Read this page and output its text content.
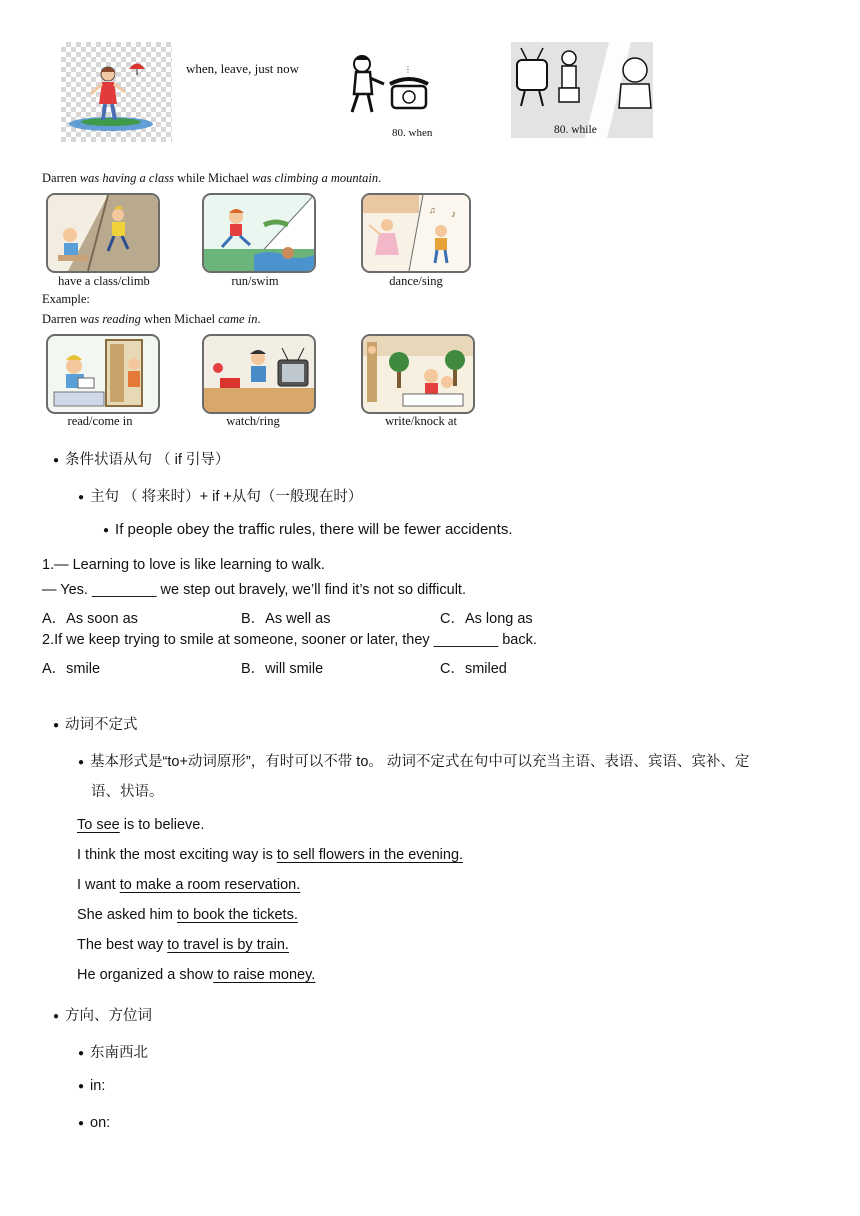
when, leave, just now	⋮
80. when	80. while
Darren was having a class while Michael was climbing a mountain.
have a class/climb	run/swim
♪
♫
dance/sing
Example:
Darren was reading when Michael came in.
read/come in	watch/ring	write/knock at
● 条件状语从句 （ if 引导）
● 主句 （ 将来时）+ if +从句（一般现在时）
● If people obey the traffic rules, there will be fewer accidents.
1.— Learning to love is like learning to walk.
— Yes. ________ we step out bravely, we’ll find it’s not so difficult.
A．As soon as	B．As well as	C．As long as
2.If we keep trying to smile at someone, sooner or later, they ________ back.
A．smile	B．will smile	C．smiled
● 动词不定式
● 基本形式是“to+动词原形”，有时可以不带 to。 动词不定式在句中可以充当主语、表语、宾语、宾补、定
语、状语。
To see is to believe.
I think the most exciting way is to sell flowers in the evening.
I want to make a room reservation.
She asked him to book the tickets.
The best way to travel is by train.
He organized a show to raise money.
● 方向、方位词
● 东南西北
● in:
● on:
